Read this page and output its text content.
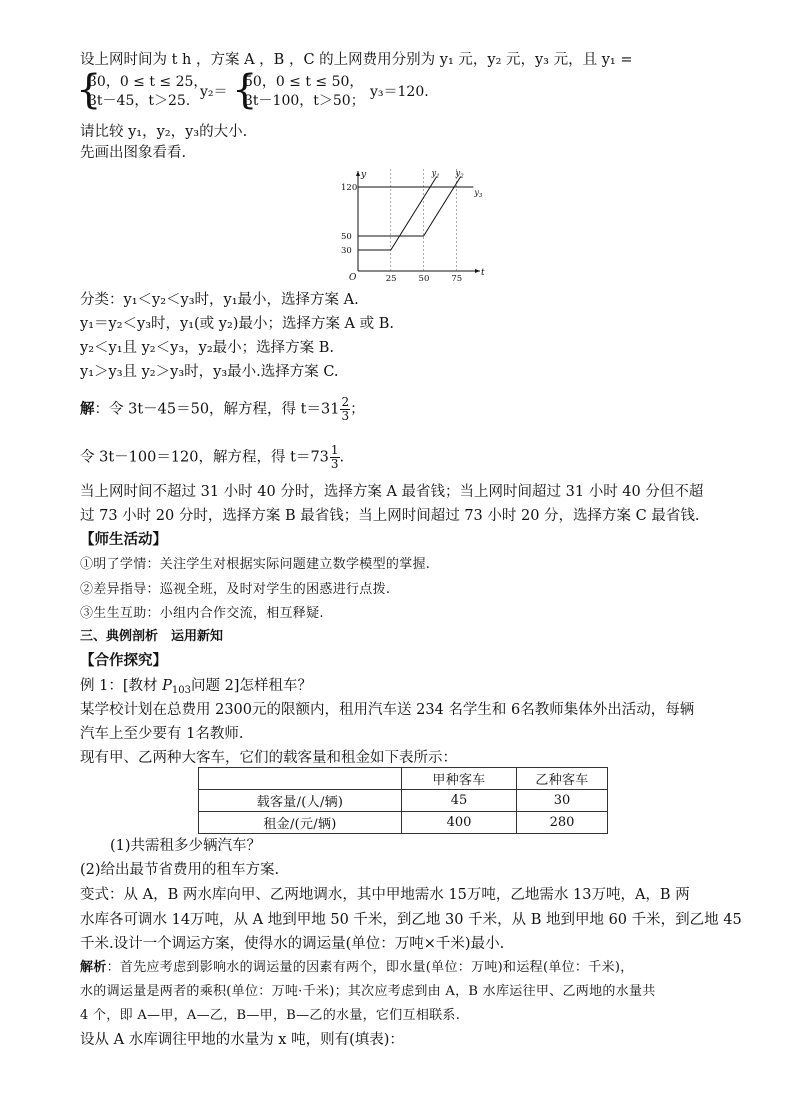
设上网时间为 t h ，方案 A ，B ，C 的上网费用分别为 y₁ 元，y₂ 元，y₃ 元，且 y₁ =
{
30，0 ≤ t ≤ 25，
3t－45，t＞25.
y₂＝ {
50，0 ≤ t ≤ 50，
3t－100，t＞50；
y₃＝120.
请比较 y₁，y₂，y₃的大小.
先画出图象看看.
t
y
O	25	50	75
30
50
120
$y_1$ $y_2$
$y_3$
分类：y₁＜y₂＜y₃时，y₁最小，选择方案 A.
y₁＝y₂＜y₃时，y₁(或 y₂)最小；选择方案 A 或 B.
y₂＜y₁且 y₂＜y₃，y₂最小；选择方案 B.
y₁＞y₃且 y₂＞y₃时，y₃最小.选择方案 C.
解：令 3t－45＝50，解方程，得 $t=31 \frac{2}{3}$ ；
令 3t－100＝120，解方程，得 $t=73 \frac{1}{3}$ .
当上网时间不超过 31 小时 40 分时，选择方案 A 最省钱；当上网时间超过 31 小时 40 分但不超
过 73 小时 20 分时，选择方案 B 最省钱；当上网时间超过 73 小时 20 分，选择方案 C 最省钱.
【师生活动】
①明了学情：关注学生对根据实际问题建立数学模型的掌握.
②差异指导：巡视全班，及时对学生的困惑进行点拨.
③生生互助：小组内合作交流，相互释疑.
三、典例剖析　运用新知
【合作探究】
例 1：[教材 $P_{103}$问题 2]怎样租车？
某学校计划在总费用 2300元的限额内，租用汽车送 234 名学生和 6名教师集体外出活动，每辆
汽车上至少要有 1名教师.
现有甲、乙两种大客车，它们的载客量和租金如下表所示：
	甲种客车	乙种客车
载客量/(人/辆)	45	30
租金/(元/辆)	400	280
(1)共需租多少辆汽车？
(2)给出最节省费用的租车方案.
变式：从 A，B 两水库向甲、乙两地调水，其中甲地需水 15万吨，乙地需水 13万吨，A，B 两
水库各可调水 14万吨，从 A 地到甲地 50 千米，到乙地 30 千米，从 B 地到甲地 60 千米，到乙地 45
千米.设计一个调运方案，使得水的调运量(单位：万吨×千米)最小.
解析：首先应考虑到影响水的调运量的因素有两个，即水量(单位：万吨)和运程(单位：千米)，
水的调运量是两者的乘积(单位：万吨·千米)；其次应考虑到由 A，B 水库运往甲、乙两地的水量共
4 个，即 A—甲，A—乙，B—甲，B—乙的水量，它们互相联系.
设从 A 水库调往甲地的水量为 x 吨，则有(填表)：
